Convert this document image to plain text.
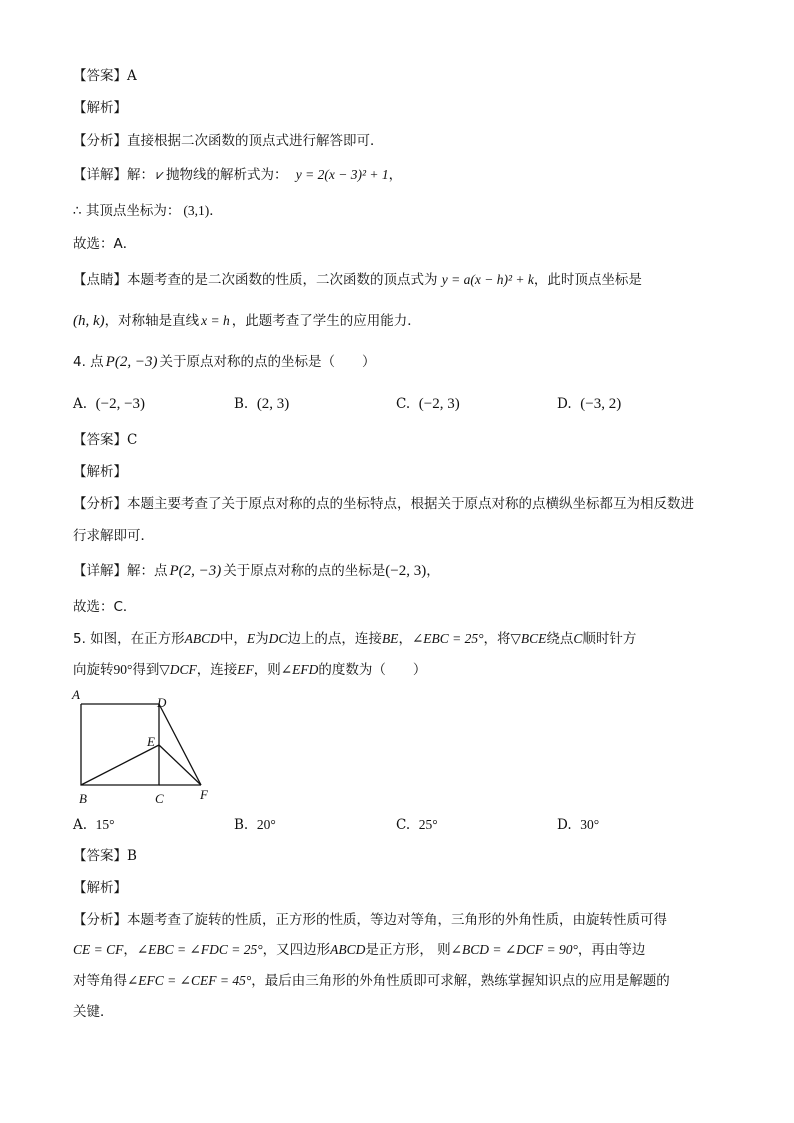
【答案】A
【解析】
【分析】直接根据二次函数的顶点式进行解答即可．
【详解】解： ⩗ 抛物线的解析式为： y = 2(x − 3)² + 1，
∴ 其顶点坐标为： (3,1)．
故选：A．
【点睛】本题考查的是二次函数的性质，二次函数的顶点式为 y = a(x − h)² + k，此时顶点坐标是
(h, k)，对称轴是直线 x = h ，此题考查了学生的应用能力．
4. 点 P(2, −3) 关于原点对称的点的坐标是（　　）
A. (−2, −3)	B. (2, 3)	C. (−2, 3)	D. (−3, 2)
【答案】C
【解析】
【分析】本题主要考查了关于原点对称的点的坐标特点，根据关于原点对称的点横纵坐标都互为相反数进
行求解即可．
【详解】解：点 P(2, −3) 关于原点对称的点的坐标是(−2, 3)，
故选：C．
5. 如图，在正方形ABCD中，E为DC边上的点，连接BE，∠EBC = 25°，将▽BCE绕点C顺时针方
向旋转90°得到▽DCF，连接EF，则∠EFD的度数为（　　）
A
D
E
B	C	F
A. 15°	B. 20°	C. 25°	D. 30°
【答案】B
【解析】
【分析】本题考查了旋转的性质，正方形的性质，等边对等角，三角形的外角性质，由旋转性质可得
CE = CF，∠EBC = ∠FDC = 25°，又四边形ABCD是正方形， 则∠BCD = ∠DCF = 90°，再由等边
对等角得∠EFC = ∠CEF = 45°，最后由三角形的外角性质即可求解，熟练掌握知识点的应用是解题的
关键．
